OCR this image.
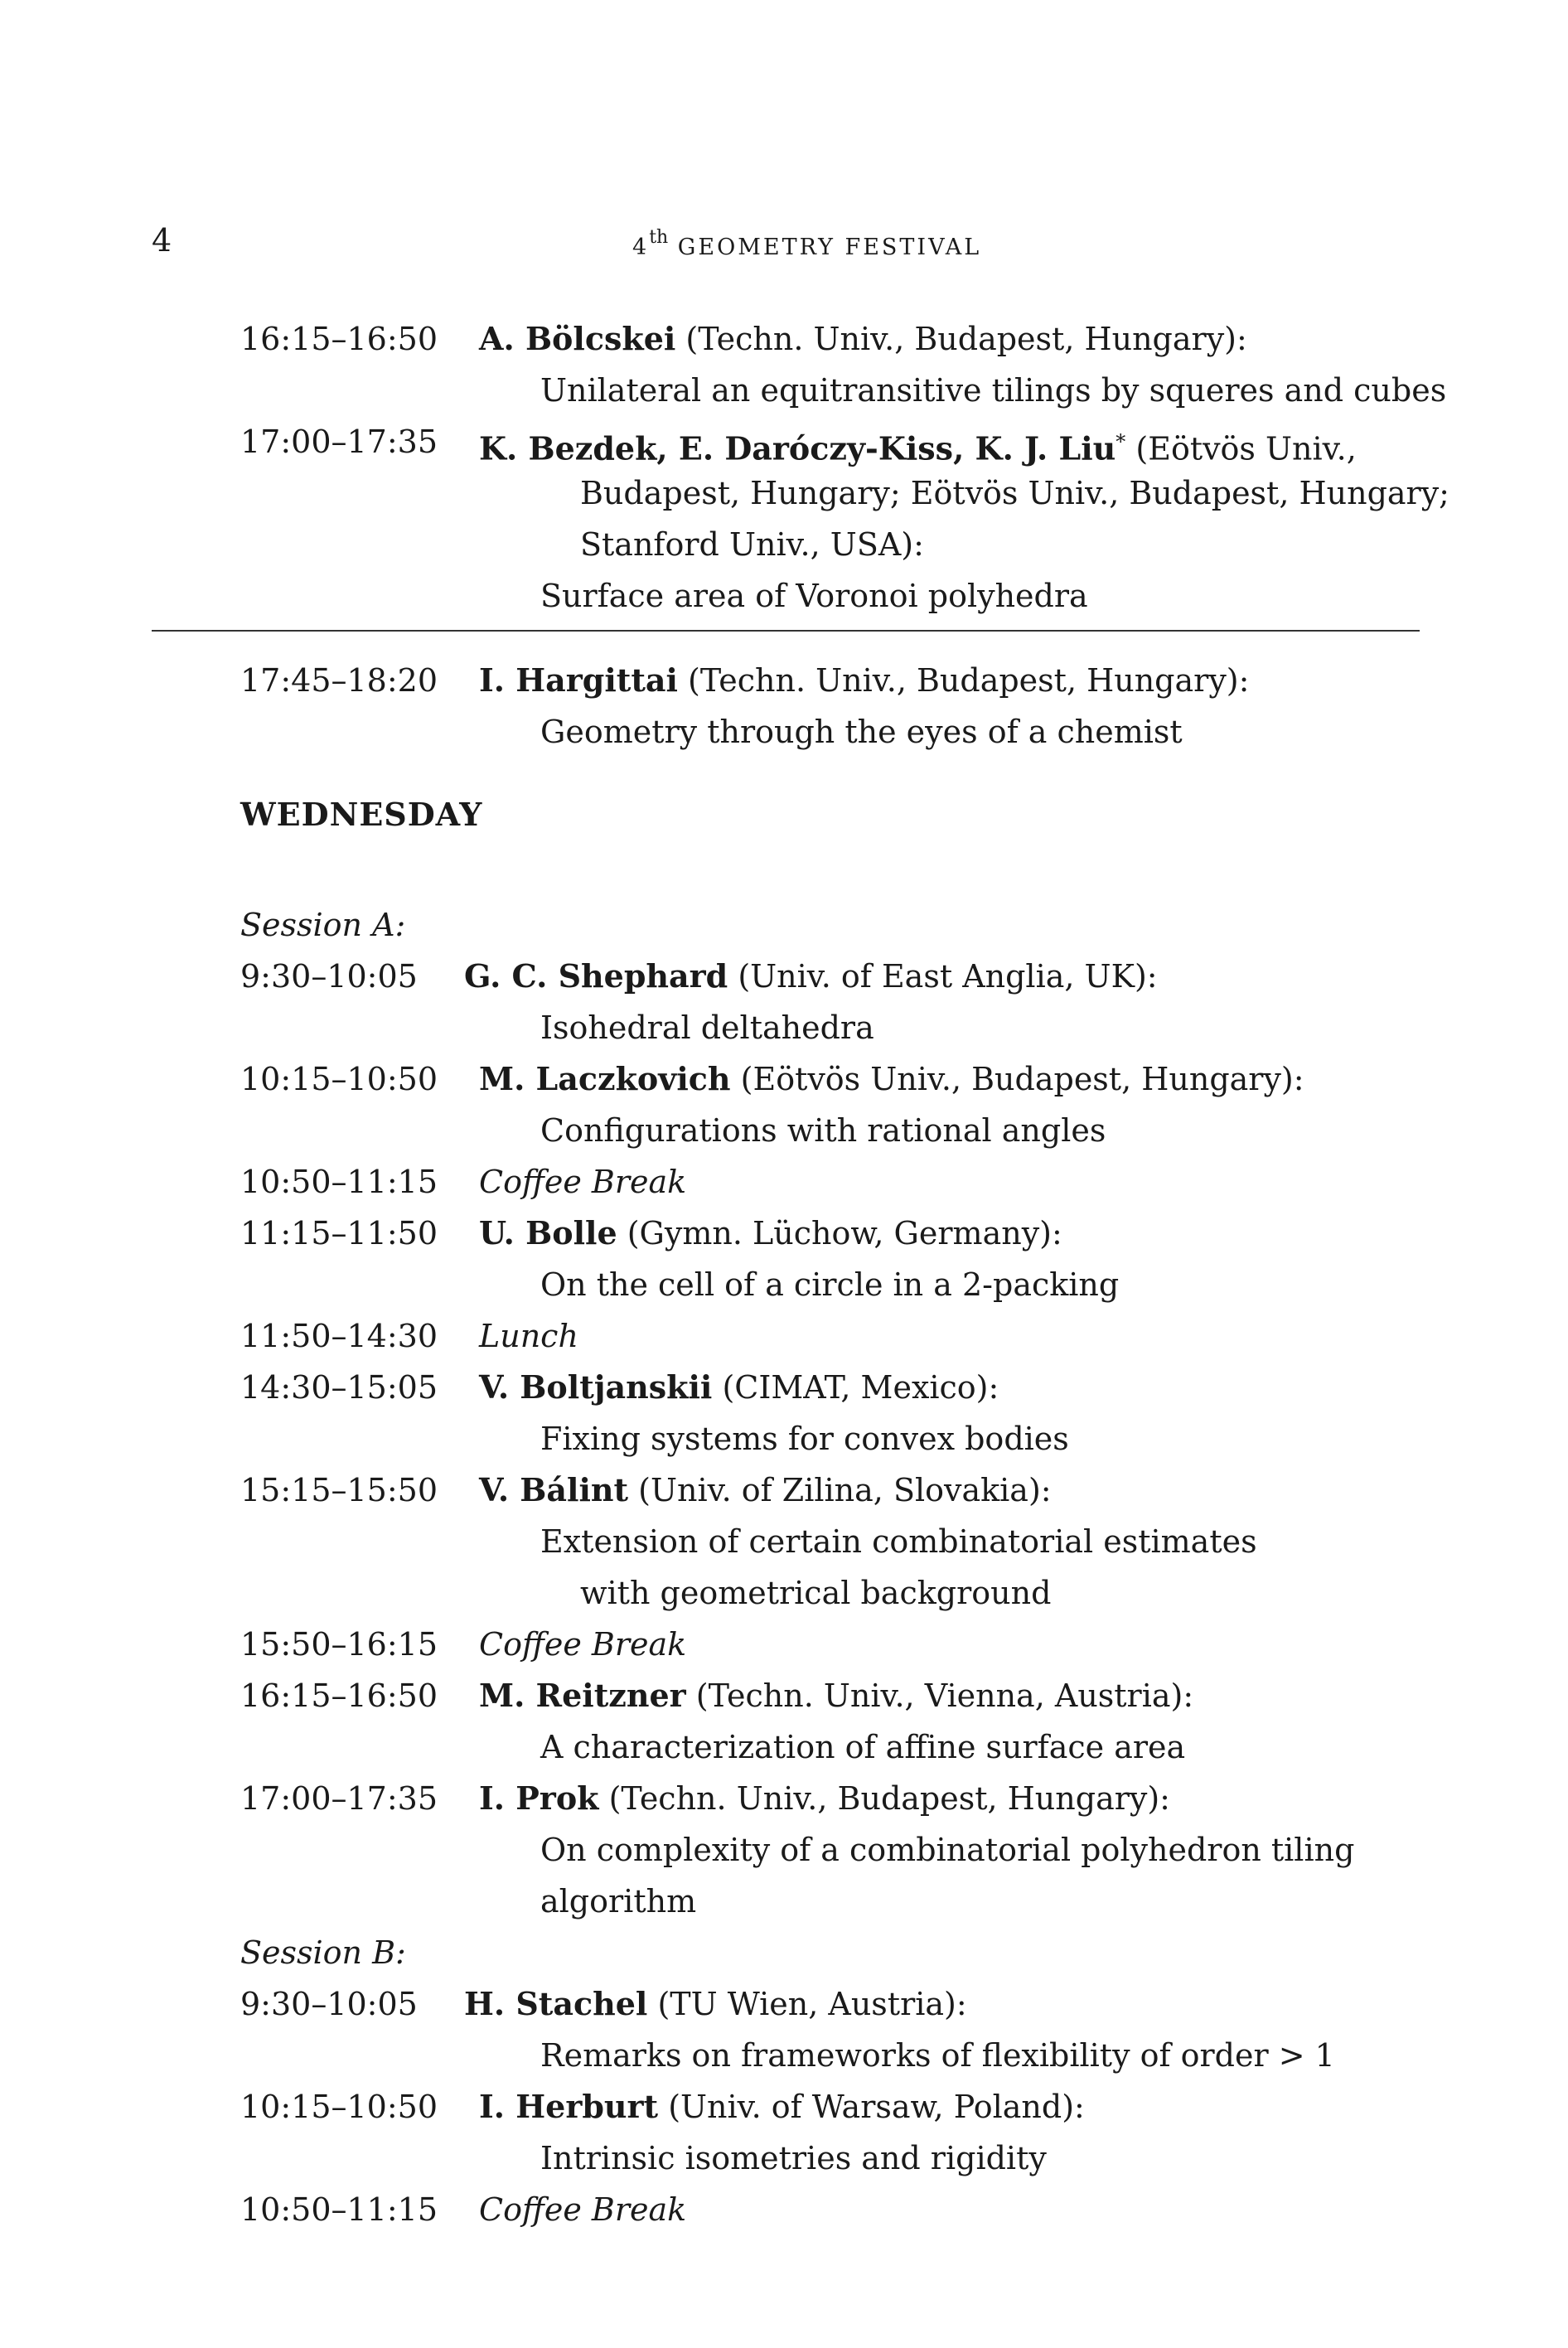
4	4th GEOMETRY FESTIVAL
16:15–16:50 A. Bölcskei (Techn. Univ., Budapest, Hungary):
Unilateral an equitransitive tilings by squeres and cubes
17:00–17:35 K. Bezdek, E. Daróczy-Kiss, K. J. Liu* (Eötvös Univ.,
Budapest, Hungary; Eötvös Univ., Budapest, Hungary;
Stanford Univ., USA):
Surface area of Voronoi polyhedra
17:45–18:20 I. Hargittai (Techn. Univ., Budapest, Hungary):
Geometry through the eyes of a chemist
WEDNESDAY
Session A:
9:30–10:05 G. C. Shephard (Univ. of East Anglia, UK):
Isohedral deltahedra
10:15–10:50 M. Laczkovich (Eötvös Univ., Budapest, Hungary):
Configurations with rational angles
10:50–11:15 Coffee Break
11:15–11:50 U. Bolle (Gymn. Lüchow, Germany):
On the cell of a circle in a 2-packing
11:50–14:30 Lunch
14:30–15:05 V. Boltjanskii (CIMAT, Mexico):
Fixing systems for convex bodies
15:15–15:50 V. Bálint (Univ. of Zilina, Slovakia):
Extension of certain combinatorial estimates
with geometrical background
15:50–16:15 Coffee Break
16:15–16:50 M. Reitzner (Techn. Univ., Vienna, Austria):
A characterization of affine surface area
17:00–17:35 I. Prok (Techn. Univ., Budapest, Hungary):
On complexity of a combinatorial polyhedron tiling
algorithm
Session B:
9:30–10:05 H. Stachel (TU Wien, Austria):
Remarks on frameworks of flexibility of order > 1
10:15–10:50 I. Herburt (Univ. of Warsaw, Poland):
Intrinsic isometries and rigidity
10:50–11:15 Coffee Break
